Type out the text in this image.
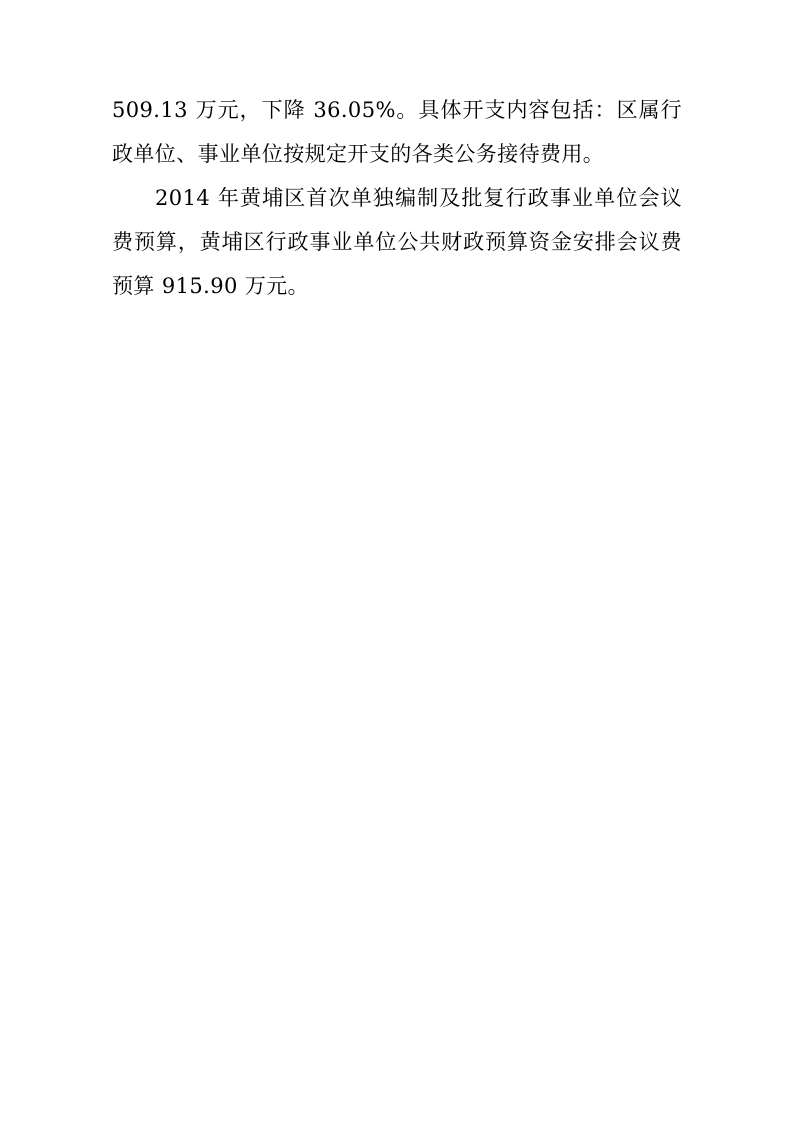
509.13 万元，下降 36.05%。具体开支内容包括：区属行政单位、事业单位按规定开支的各类公务接待费用。

2014 年黄埔区首次单独编制及批复行政事业单位会议费预算，黄埔区行政事业单位公共财政预算资金安排会议费预算 915.90 万元。
